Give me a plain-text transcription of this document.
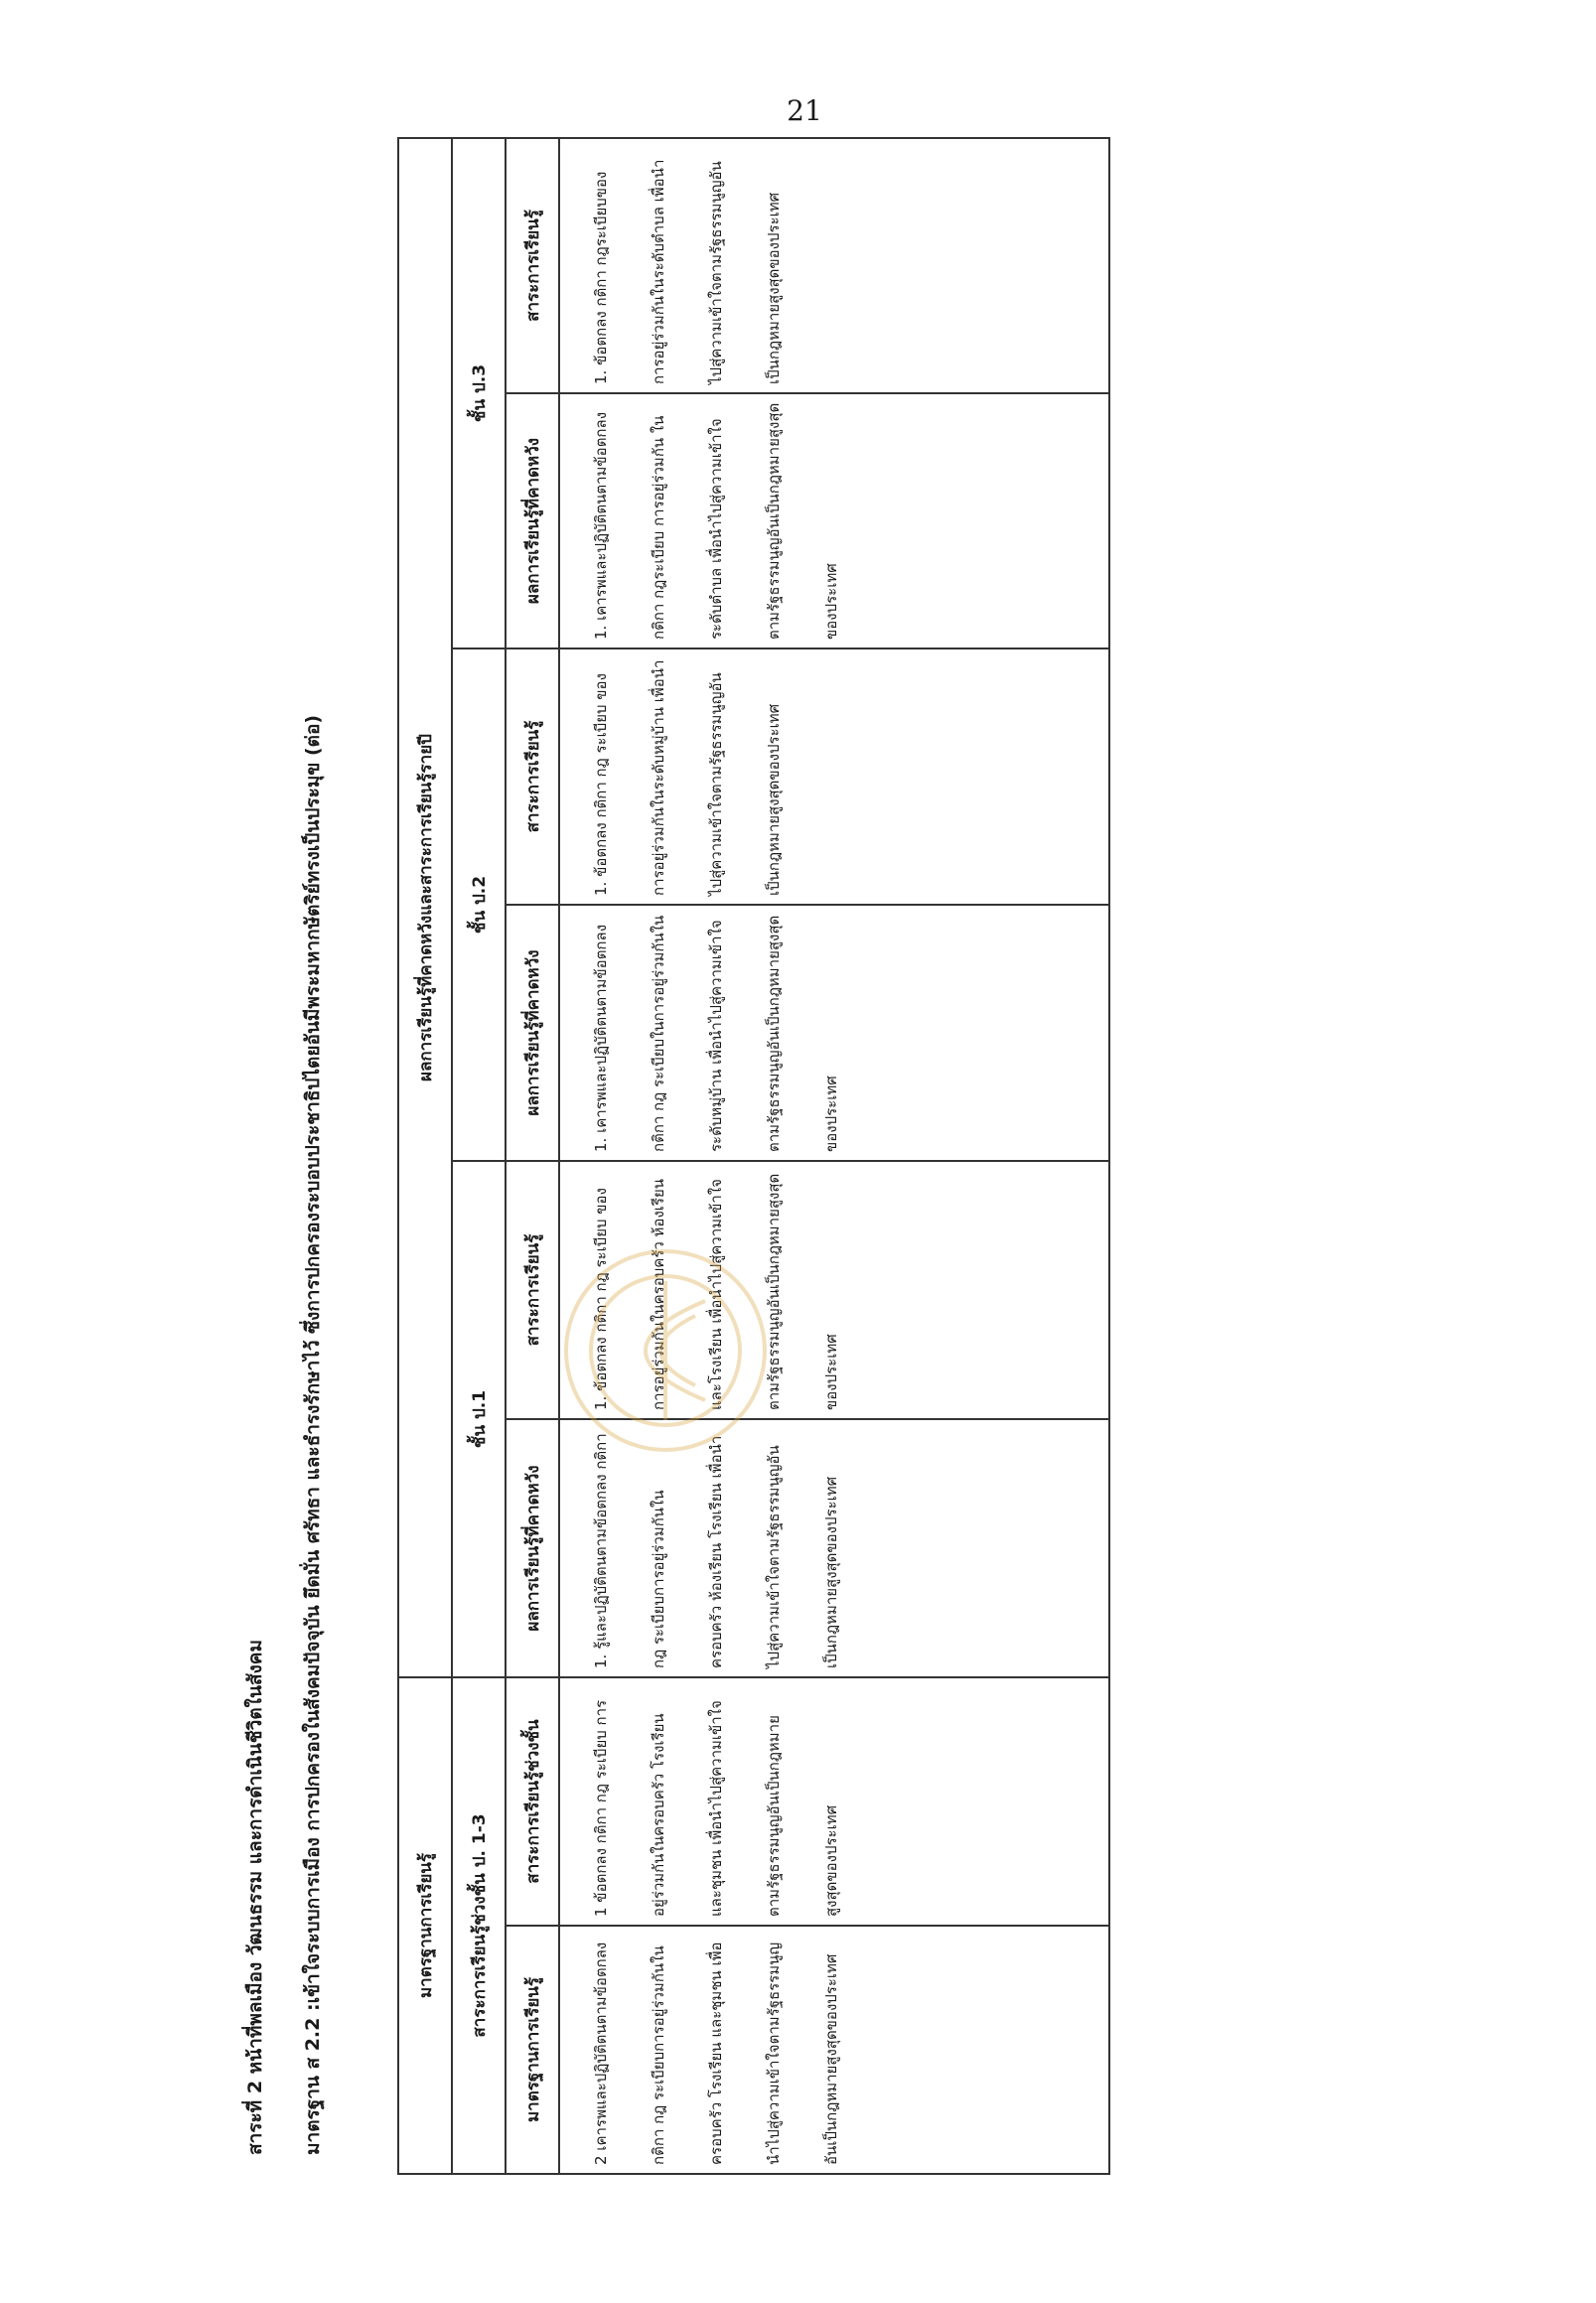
21
สาระที่ 2 หน้าที่พลเมือง วัฒนธรรม และการดำเนินชีวิตในสังคม มาตรฐาน ส 2.2 :เข้าใจระบบการเมือง การปกครองในสังคมปัจจุบัน ยึดมั่น ศรัทธา และธำรงรักษาไว้ ซึ่งการปกครองระบอบประชาธิปไตยอันมีพระมหากษัตริย์ทรงเป็นประมุข (ต่อ)	มาตรฐานการเรียนรู้		ผลการเรียนรู้ที่คาดหวังและสาระการเรียนรู้รายปี					
สาระการเรียนรู้ช่วงชั้น ป. 1-3		ชั้น ป.1		ชั้น ป.2		ชั้น ป.3	
มาตรฐานการเรียนรู้	สาระการเรียนรู้ช่วงชั้น	ผลการเรียนรู้ที่คาดหวัง	สาระการเรียนรู้	ผลการเรียนรู้ที่คาดหวัง	สาระการเรียนรู้	ผลการเรียนรู้ที่คาดหวัง	สาระการเรียนรู้
2 เคารพและปฏิบัติตนตามข้อตกลง กติกา กฎ ระเบียบการอยู่ร่วมกันในครอบครัว โรงเรียน และชุมชน เพื่อนำไปสู่ความเข้าใจตามรัฐธรรมนูญ อันเป็นกฎหมายสูงสุดของประเทศ	1 ข้อตกลง กติกา กฎ ระเบียบ การอยู่ร่วมกันในครอบครัว โรงเรียน และชุมชน เพื่อนำไปสู่ความเข้าใจตามรัฐธรรมนูญอันเป็นกฎหมายสูงสุดของประเทศ	1. รู้และปฏิบัติตนตามข้อตกลง กติกา กฎ ระเบียบการอยู่ร่วมกันในครอบครัว ห้องเรียน โรงเรียน เพื่อนำไปสู่ความเข้าใจตามรัฐธรรมนูญอันเป็นกฎหมายสูงสุดของประเทศ	1. ข้อตกลง กติกา กฎ ระเบียบ ของการอยู่ร่วมกันในครอบครัว ห้องเรียน และโรงเรียน เพื่อนำไปสู่ความเข้าใจตามรัฐธรรมนูญอันเป็นกฎหมายสูงสุดของประเทศ	1. เคารพและปฏิบัติตนตามข้อตกลง กติกา กฎ ระเบียบในการอยู่ร่วมกันในระดับหมู่บ้าน เพื่อนำไปสู่ความเข้าใจตามรัฐธรรมนูญอันเป็นกฎหมายสูงสุดของประเทศ	1. ข้อตกลง กติกา กฎ ระเบียบ ของการอยู่ร่วมกันในระดับหมู่บ้าน เพื่อนำไปสู่ความเข้าใจตามรัฐธรรมนูญอันเป็นกฎหมายสูงสุดของประเทศ	1. เคารพและปฏิบัติตนตามข้อตกลง กติกา กฎระเบียบ การอยู่ร่วมกัน ในระดับตำบล เพื่อนำไปสู่ความเข้าใจตามรัฐธรรมนูญอันเป็นกฎหมายสูงสุดของประเทศ	1. ข้อตกลง กติกา กฎระเบียบของการอยู่ร่วมกันในระดับตำบล เพื่อนำไปสู่ความเข้าใจตามรัฐธรรมนูญอันเป็นกฎหมายสูงสุดของประเทศ
